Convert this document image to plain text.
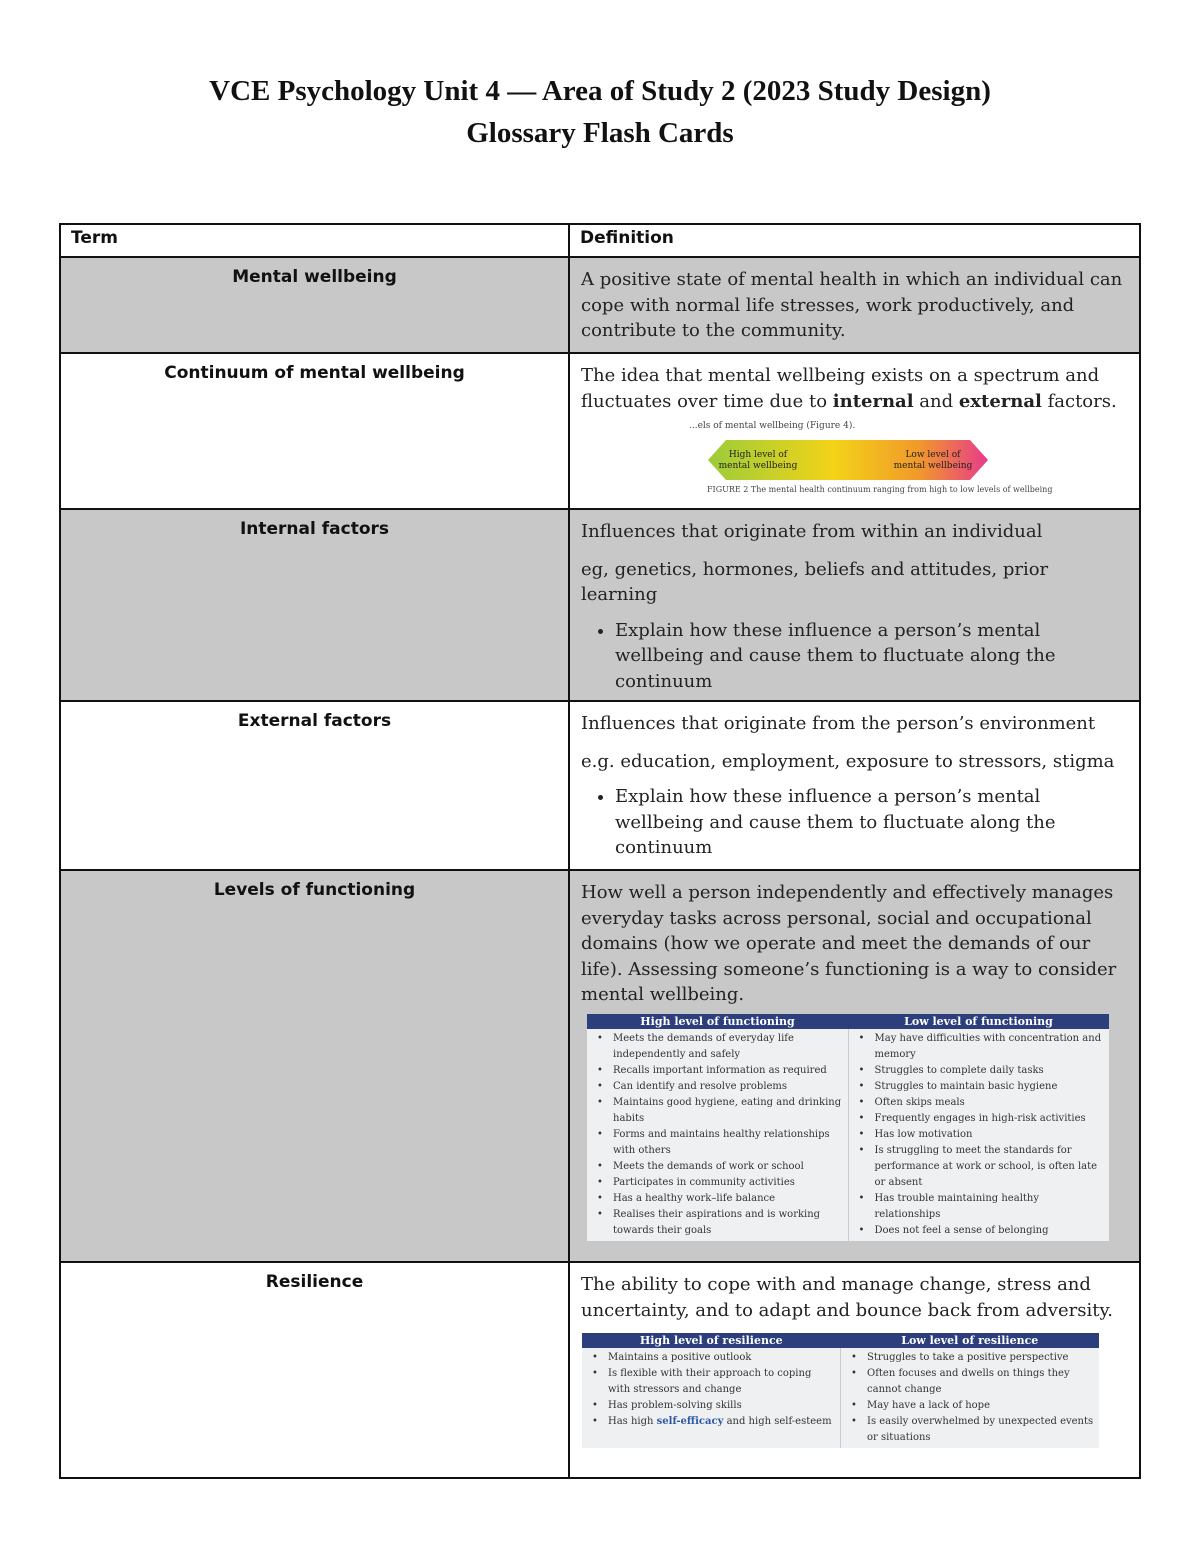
VCE Psychology Unit 4 — Area of Study 2 (2023 Study Design)
Glossary Flash Cards
Term	Definition
Mental wellbeing	A positive state of mental health in which an individual can cope with normal life stresses, work productively, and contribute to the community.

Continuum of mental wellbeing	The idea that mental wellbeing exists on a spectrum and fluctuates over time due to internal and external factors.

...els of mental wellbeing (Figure 4).
High level of
mental wellbeing
Low level of
mental wellbeing
FIGURE 2 The mental health continuum ranging from high to low levels of wellbeing

Internal factors	Influences that originate from within an individual

eg, genetics, hormones, beliefs and attitudes, prior learning

• Explain how these influence a person’s mental wellbeing and cause them to fluctuate along the continuum

External factors	Influences that originate from the person’s environment

e.g. education, employment, exposure to stressors, stigma

• Explain how these influence a person’s mental wellbeing and cause them to fluctuate along the continuum

Levels of functioning	How well a person independently and effectively manages everyday tasks across personal, social and occupational domains (how we operate and meet the demands of our life). Assessing someone’s functioning is a way to consider mental wellbeing.

High level of functioning	Low level of functioning

• Meets the demands of everyday life independently and safely
• Recalls important information as required
• Can identify and resolve problems
• Maintains good hygiene, eating and drinking habits
• Forms and maintains healthy relationships with others
• Meets the demands of work or school
• Participates in community activities
• Has a healthy work–life balance
• Realises their aspirations and is working towards their goals

• May have difficulties with concentration and memory
• Struggles to complete daily tasks
• Struggles to maintain basic hygiene
• Often skips meals
• Frequently engages in high-risk activities
• Has low motivation
• Is struggling to meet the standards for performance at work or school, is often late or absent
• Has trouble maintaining healthy relationships
• Does not feel a sense of belonging

Resilience	The ability to cope with and manage change, stress and uncertainty, and to adapt and bounce back from adversity.

High level of resilience	Low level of resilience

• Maintains a positive outlook
• Is flexible with their approach to coping with stressors and change
• Has problem-solving skills
• Has high self-efficacy and high self-esteem

• Struggles to take a positive perspective
• Often focuses and dwells on things they cannot change
• May have a lack of hope
• Is easily overwhelmed by unexpected events or situations
